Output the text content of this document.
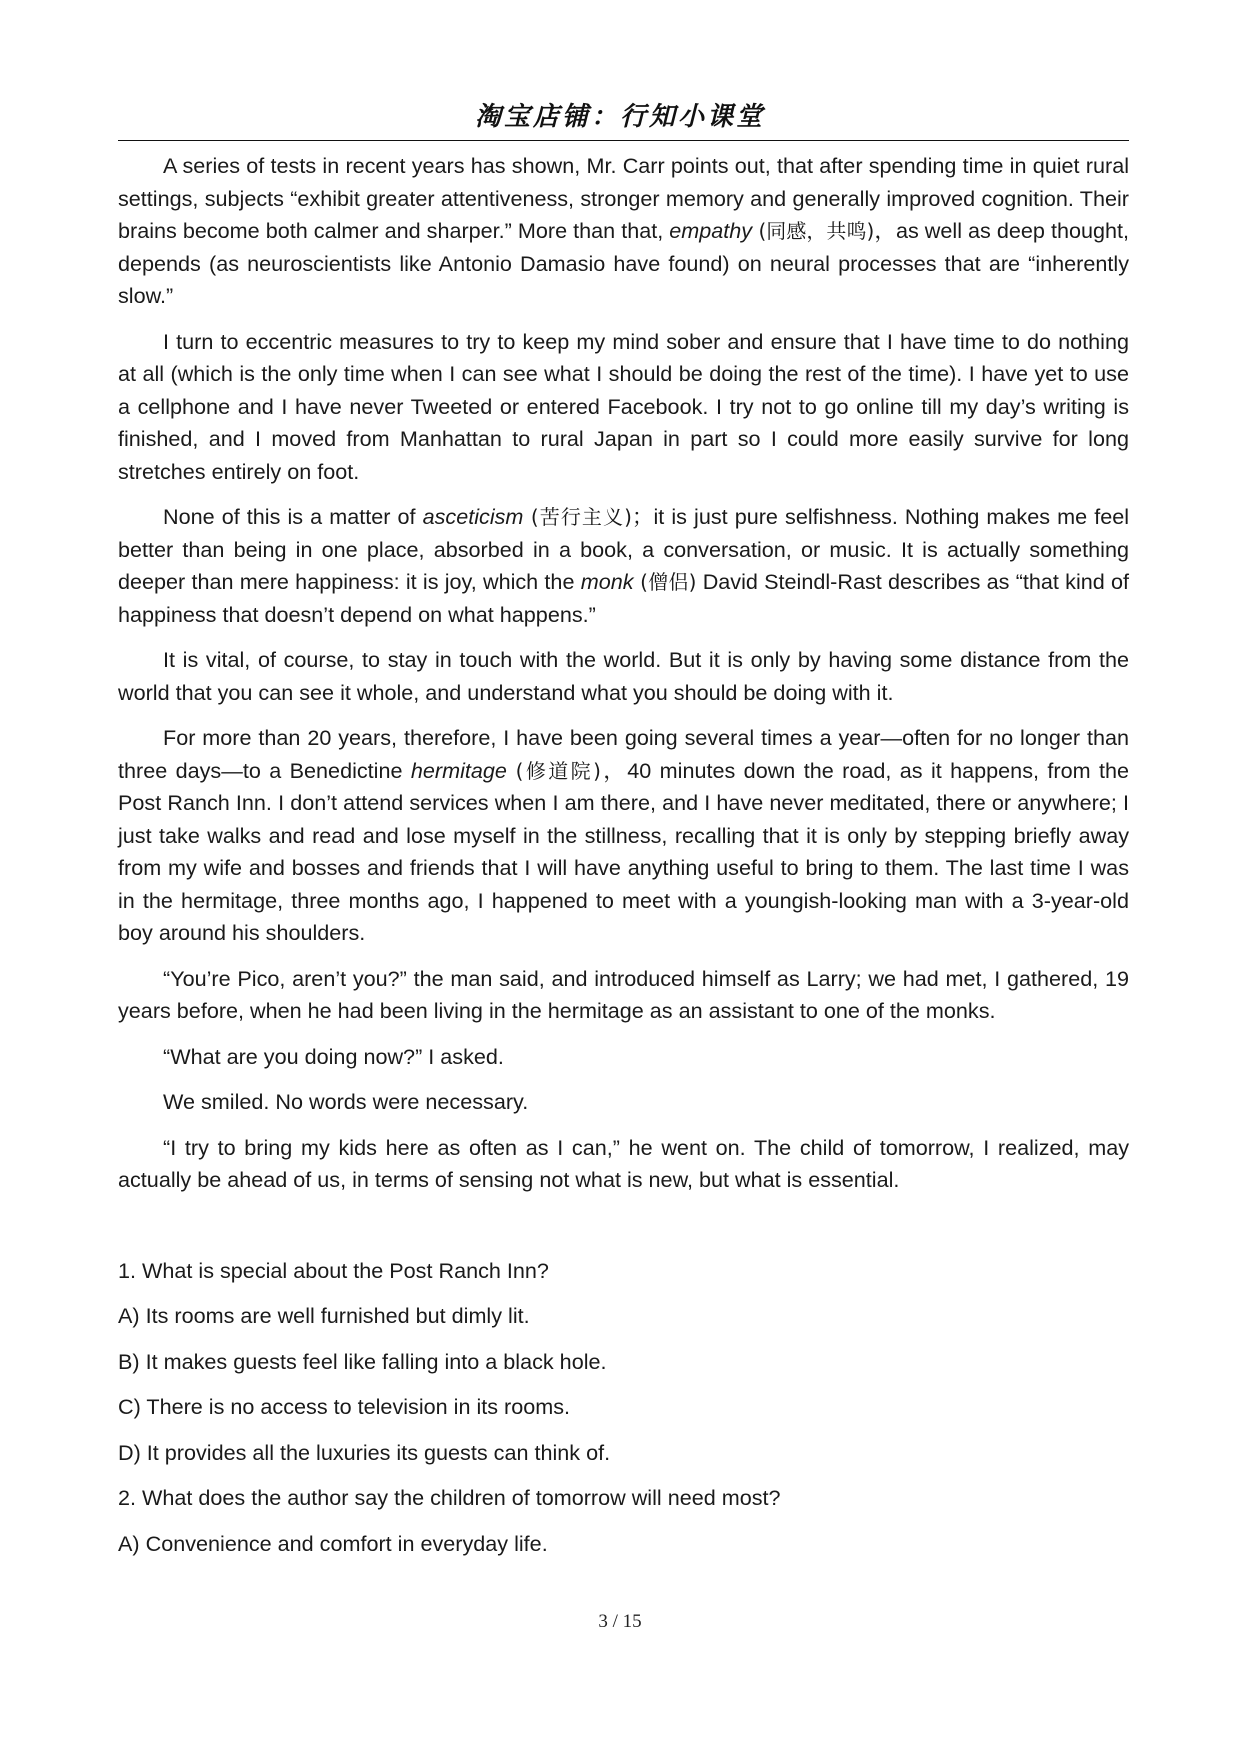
淘宝店铺：行知小课堂

A series of tests in recent years has shown, Mr. Carr points out, that after spending time in quiet rural settings, subjects “exhibit greater attentiveness, stronger memory and generally improved cognition. Their brains become both calmer and sharper.” More than that, empathy (同感，共鸣)，as well as deep thought, depends (as neuroscientists like Antonio Damasio have found) on neural processes that are “inherently slow.”

I turn to eccentric measures to try to keep my mind sober and ensure that I have time to do nothing at all (which is the only time when I can see what I should be doing the rest of the time). I have yet to use a cellphone and I have never Tweeted or entered Facebook. I try not to go online till my day’s writing is finished, and I moved from Manhattan to rural Japan in part so I could more easily survive for long stretches entirely on foot.

None of this is a matter of asceticism (苦行主义)；it is just pure selfishness. Nothing makes me feel better than being in one place, absorbed in a book, a conversation, or music. It is actually something deeper than mere happiness: it is joy, which the monk (僧侣) David Steindl-Rast describes as “that kind of happiness that doesn’t depend on what happens.”

It is vital, of course, to stay in touch with the world. But it is only by having some distance from the world that you can see it whole, and understand what you should be doing with it.

For more than 20 years, therefore, I have been going several times a year—often for no longer than three days—to a Benedictine hermitage (修道院)，40 minutes down the road, as it happens, from the Post Ranch Inn. I don’t attend services when I am there, and I have never meditated, there or anywhere; I just take walks and read and lose myself in the stillness, recalling that it is only by stepping briefly away from my wife and bosses and friends that I will have anything useful to bring to them. The last time I was in the hermitage, three months ago, I happened to meet with a youngish-looking man with a 3-year-old boy around his shoulders.

“You’re Pico, aren’t you?” the man said, and introduced himself as Larry; we had met, I gathered, 19 years before, when he had been living in the hermitage as an assistant to one of the monks.

“What are you doing now?” I asked.

We smiled. No words were necessary.

“I try to bring my kids here as often as I can,” he went on. The child of tomorrow, I realized, may actually be ahead of us, in terms of sensing not what is new, but what is essential.

1. What is special about the Post Ranch Inn?

A) Its rooms are well furnished but dimly lit.

B) It makes guests feel like falling into a black hole.

C) There is no access to television in its rooms.

D) It provides all the luxuries its guests can think of.

2. What does the author say the children of tomorrow will need most?

A) Convenience and comfort in everyday life.

3 / 15
